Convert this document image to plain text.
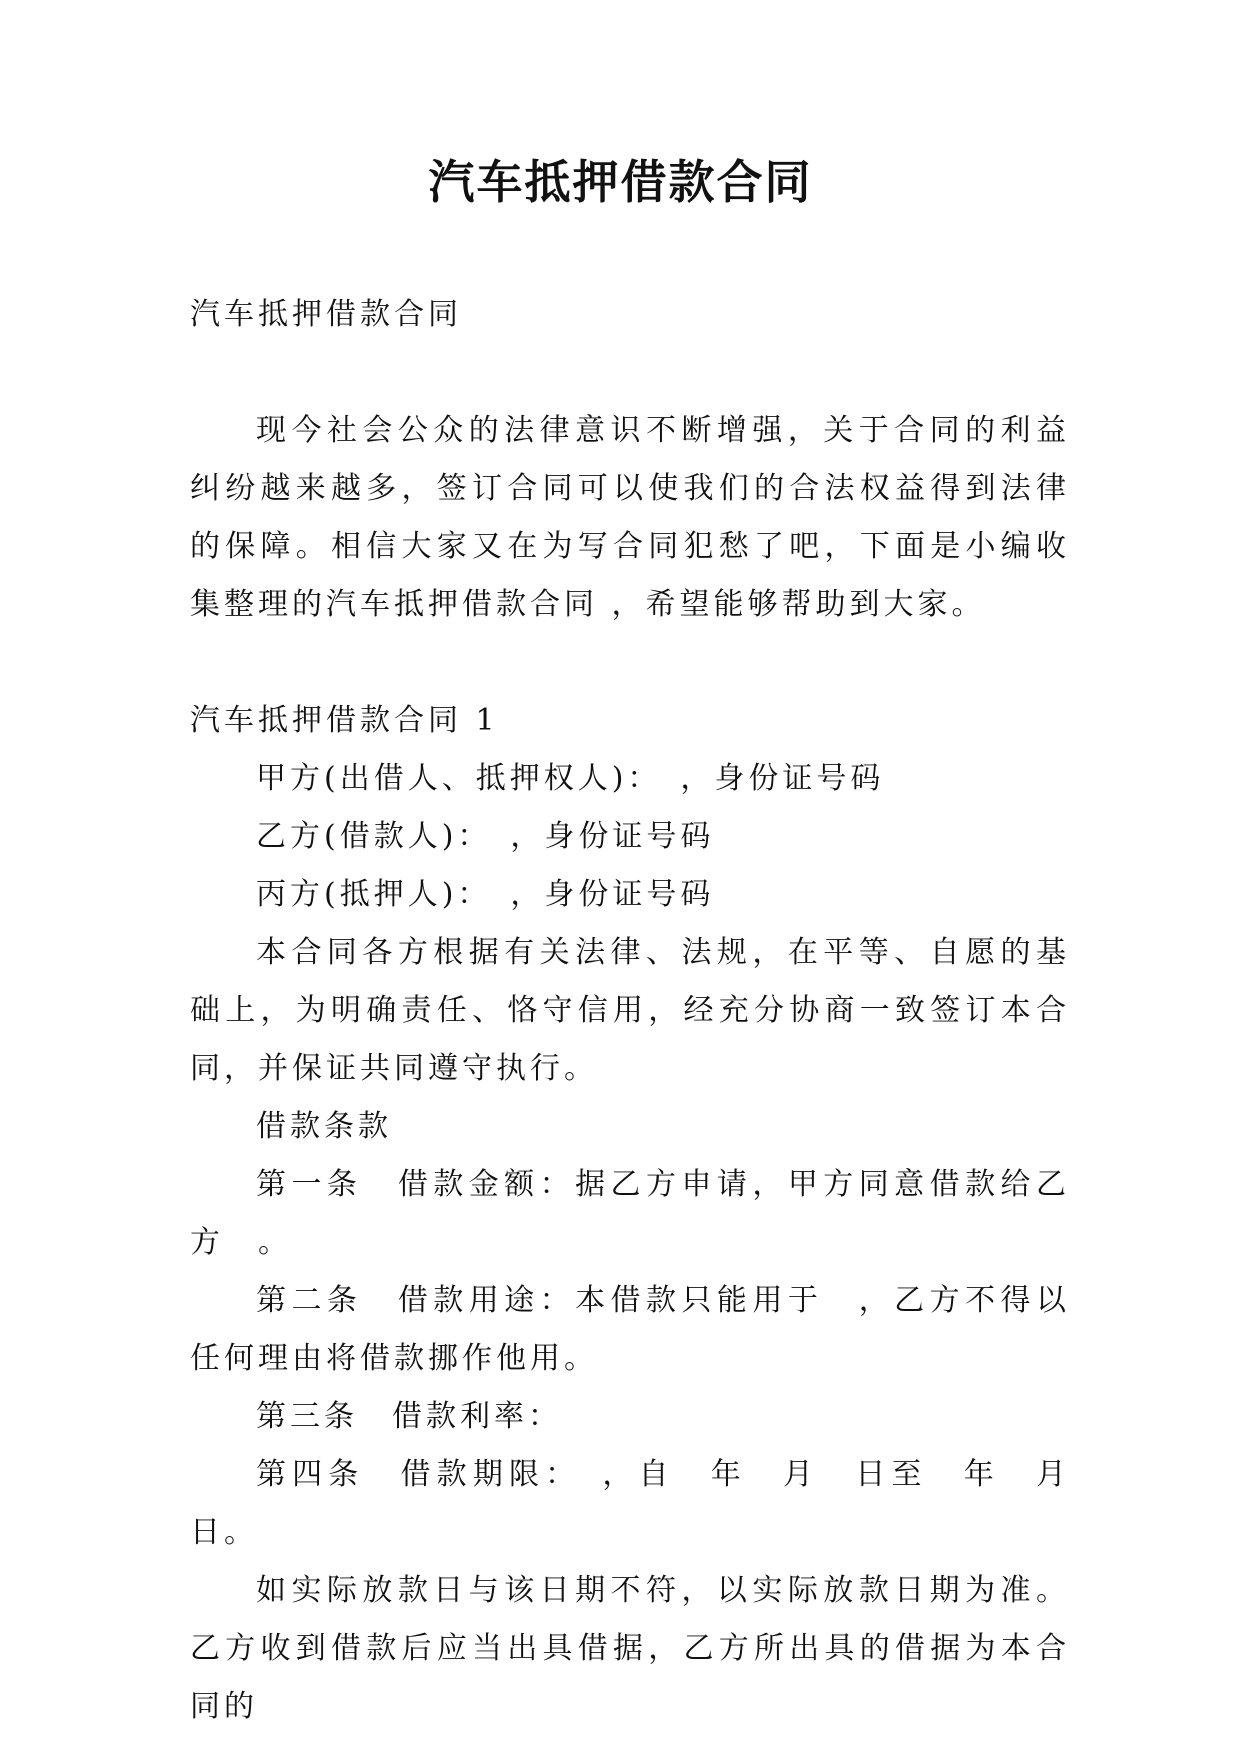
汽车抵押借款合同

汽车抵押借款合同

现今社会公众的法律意识不断增强，关于合同的利益纠纷越来越多，签订合同可以使我们的合法权益得到法律的保障。相信大家又在为写合同犯愁了吧，下面是小编收集整理的汽车抵押借款合同 ，希望能够帮助到大家。

汽车抵押借款合同 1

甲方(出借人、抵押权人)：　，身份证号码

乙方(借款人)：　，身份证号码

丙方(抵押人)：　，身份证号码

本合同各方根据有关法律、法规，在平等、自愿的基础上，为明确责任、恪守信用，经充分协商一致签订本合同，并保证共同遵守执行。

借款条款

第一条　借款金额：据乙方申请，甲方同意借款给乙方　。

第二条　借款用途：本借款只能用于　，乙方不得以任何理由将借款挪作他用。

第三条　借款利率：

第四条　借款期限：　，自　年　月　日至　年　月　日。

如实际放款日与该日期不符，以实际放款日期为准。乙方收到借款后应当出具借据，乙方所出具的借据为本合同的
